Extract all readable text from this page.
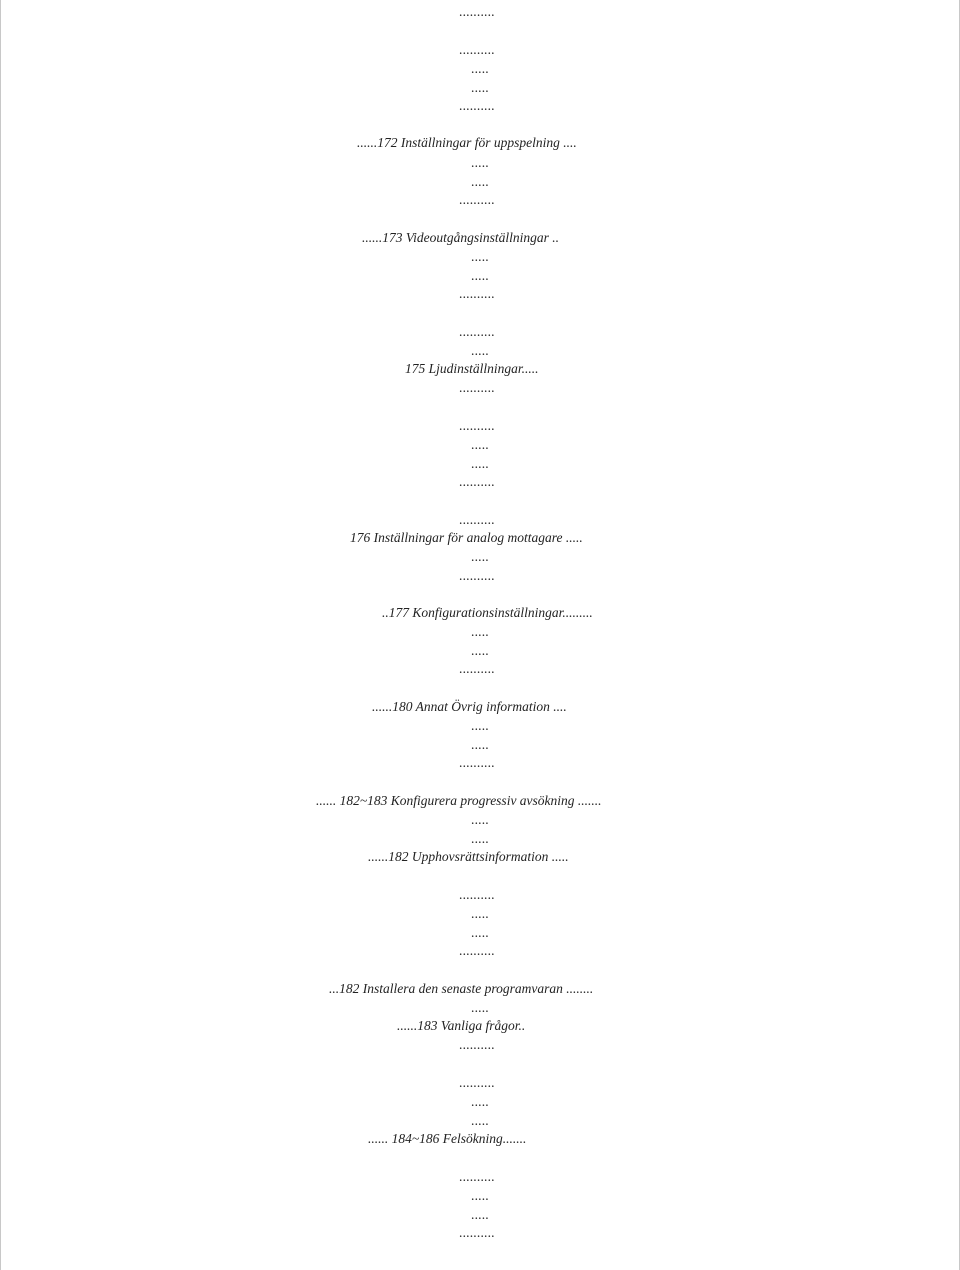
..........
..........
.....
.....
..........
......172 Inställningar för uppspelning ....
.....
.....
..........
......173 Videoutgångsinställningar ..
.....
.....
..........
..........
.....
175 Ljudinställningar.....
..........
..........
.....
.....
..........
..........
176 Inställningar för analog mottagare .....
.....
..........
..177 Konfigurationsinställningar.........
.....
.....
..........
......180 Annat Övrig information ....
.....
.....
..........
...... 182~183 Konfigurera progressiv avsökning .......
.....
.....
......182 Upphovsrättsinformation .....
..........
.....
.....
..........
...182 Installera den senaste programvaran ........
.....
......183 Vanliga frågor..
..........
..........
.....
.....
...... 184~186 Felsökning.......
..........
.....
.....
..........
